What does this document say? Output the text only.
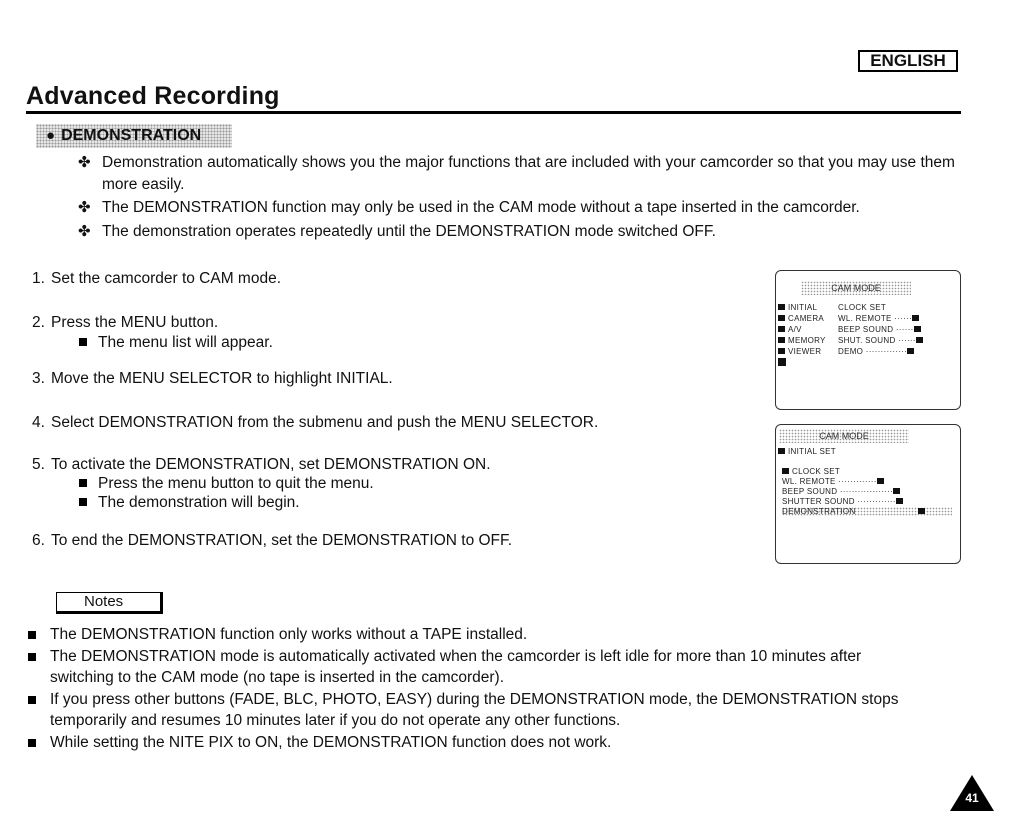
ENGLISH
Advanced Recording
● DEMONSTRATION
✤ Demonstration automatically shows you the major functions that are included with your camcorder so that you may use them more easily.
✤ The DEMONSTRATION function may only be used in the CAM mode without a tape inserted in the camcorder.
✤ The demonstration operates repeatedly until the DEMONSTRATION mode switched OFF.
1. Set the camcorder to CAM mode.
2. Press the MENU button.
The menu list will appear.
3. Move the MENU SELECTOR to highlight INITIAL.
4. Select DEMONSTRATION from the submenu and push the MENU SELECTOR.
5. To activate the DEMONSTRATION, set DEMONSTRATION ON.
Press the menu button to quit the menu.
The demonstration will begin.
6. To end the DEMONSTRATION, set the DEMONSTRATION to OFF.
CAM MODE
INITIAL
CAMERA
A/V
MEMORY
VIEWER
CLOCK SET
WL. REMOTE ······
BEEP SOUND ······
SHUT. SOUND ······
DEMO ··············
CAM MODE
INITIAL SET
CLOCK SET
WL. REMOTE ·············
BEEP SOUND ··················
SHUTTER SOUND ·············
DEMONSTRATION
Notes
The DEMONSTRATION function only works without a TAPE installed.
The DEMONSTRATION mode is automatically activated when the camcorder is left idle for more than 10 minutes after switching to the CAM mode (no tape is inserted in the camcorder).
If you press other buttons (FADE, BLC, PHOTO, EASY) during the DEMONSTRATION mode, the DEMONSTRATION stops temporarily and resumes 10 minutes later if you do not operate any other functions.
While setting the NITE PIX to ON, the DEMONSTRATION function does not work.
41
